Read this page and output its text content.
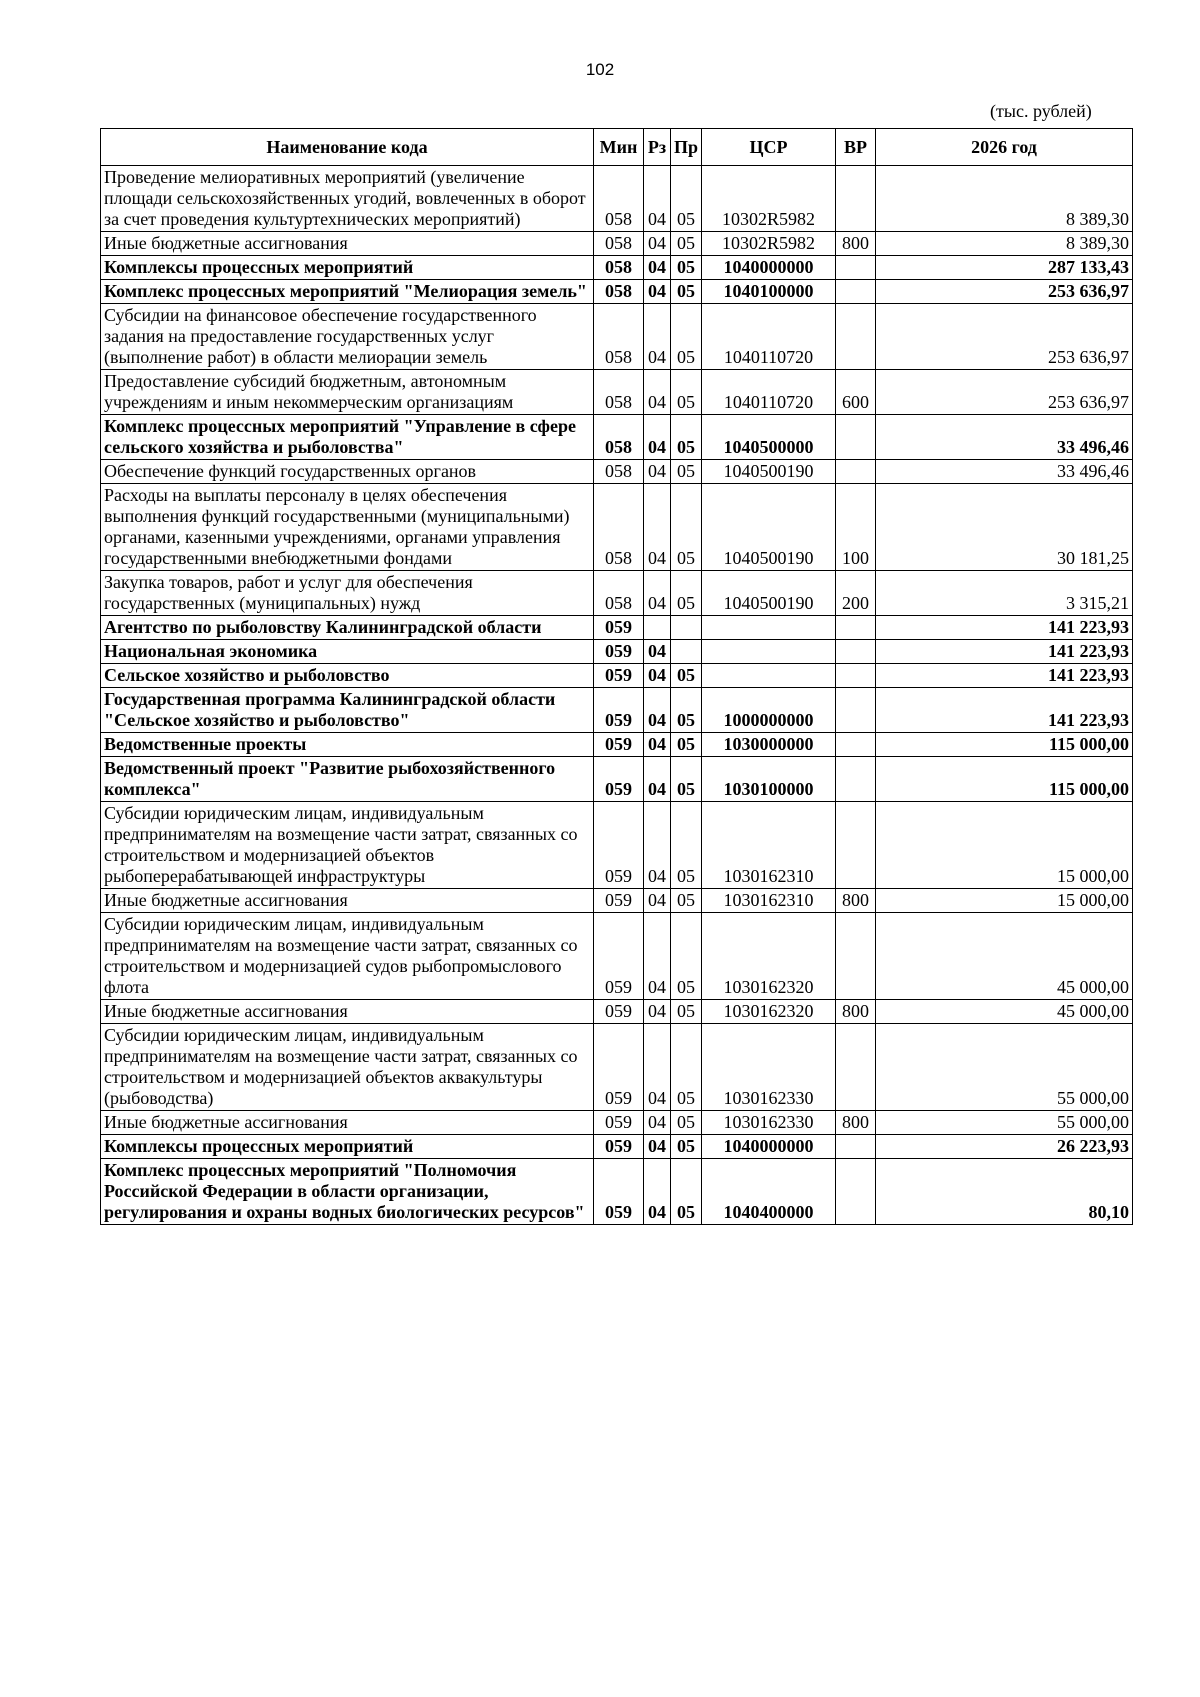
102
(тыс. рублей)
Наименование кода	Мин	Рз	Пр	ЦСР	ВР	2026 год
Проведение мелиоративных мероприятий (увеличение площади сельскохозяйственных угодий, вовлеченных в оборот за счет проведения культуртехнических мероприятий)	058	04	05	10302R5982		8 389,30
Иные бюджетные ассигнования	058	04	05	10302R5982	800	8 389,30
Комплексы процессных мероприятий	058	04	05	1040000000		287 133,43
Комплекс процессных мероприятий "Мелиорация земель"	058	04	05	1040100000		253 636,97
Субсидии на финансовое обеспечение государственного задания на предоставление государственных услуг (выполнение работ) в области мелиорации земель	058	04	05	1040110720		253 636,97
Предоставление субсидий бюджетным, автономным учреждениям и иным некоммерческим организациям	058	04	05	1040110720	600	253 636,97
Комплекс процессных мероприятий "Управление в сфере сельского хозяйства и рыболовства"	058	04	05	1040500000		33 496,46
Обеспечение функций государственных органов	058	04	05	1040500190		33 496,46
Расходы на выплаты персоналу в целях обеспечения выполнения функций государственными (муниципальными) органами, казенными учреждениями, органами управления государственными внебюджетными фондами	058	04	05	1040500190	100	30 181,25
Закупка товаров, работ и услуг для обеспечения государственных (муниципальных) нужд	058	04	05	1040500190	200	3 315,21
Агентство по рыболовству Калининградской области	059					141 223,93
Национальная экономика	059	04				141 223,93
Сельское хозяйство и рыболовство	059	04	05			141 223,93
Государственная программа Калининградской области "Сельское хозяйство и рыболовство"	059	04	05	1000000000		141 223,93
Ведомственные проекты	059	04	05	1030000000		115 000,00
Ведомственный проект "Развитие рыбохозяйственного комплекса"	059	04	05	1030100000		115 000,00
Субсидии юридическим лицам, индивидуальным предпринимателям на возмещение части затрат, связанных со строительством и модернизацией объектов рыбоперерабатывающей инфраструктуры	059	04	05	1030162310		15 000,00
Иные бюджетные ассигнования	059	04	05	1030162310	800	15 000,00
Субсидии юридическим лицам, индивидуальным предпринимателям на возмещение части затрат, связанных со строительством и модернизацией судов рыбопромыслового флота	059	04	05	1030162320		45 000,00
Иные бюджетные ассигнования	059	04	05	1030162320	800	45 000,00
Субсидии юридическим лицам, индивидуальным предпринимателям на возмещение части затрат, связанных со строительством и модернизацией объектов аквакультуры (рыбоводства)	059	04	05	1030162330		55 000,00
Иные бюджетные ассигнования	059	04	05	1030162330	800	55 000,00
Комплексы процессных мероприятий	059	04	05	1040000000		26 223,93
Комплекс процессных мероприятий "Полномочия Российской Федерации в области организации, регулирования и охраны водных биологических ресурсов"	059	04	05	1040400000		80,10
